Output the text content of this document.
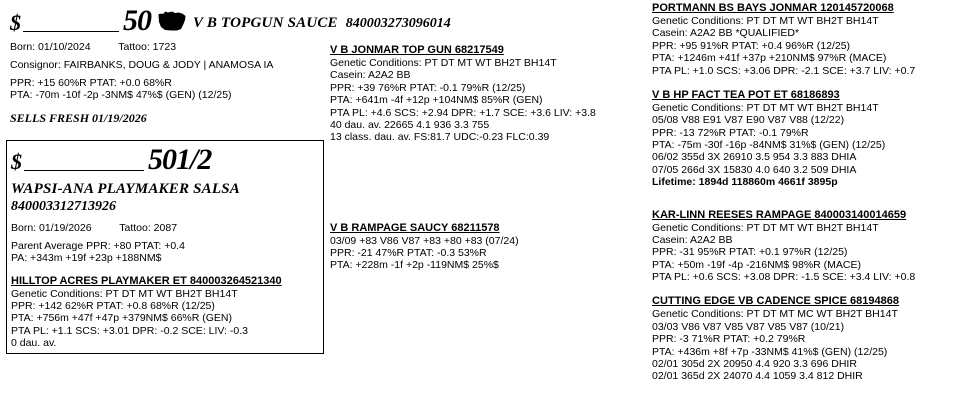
$	50	V B TOPGUN SAUCE 840003273096014
Born: 01/10/2024	Tattoo: 1723
Consignor: FAIRBANKS, DOUG & JODY | ANAMOSA IA
PPR: +15 60%R PTAT: +0.0 68%R
PTA: -70m -10f -2p -3NM$ 47%$ (GEN) (12/25)
SELLS FRESH 01/19/2026
$	50 1/2
WAPSI-ANA PLAYMAKER SALSA
840003312713926
Born: 01/19/2026	Tattoo: 2087
Parent Average PPR: +80 PTAT: +0.4
PA: +343m +19f +23p +188NM$
HILLTOP ACRES PLAYMAKER ET 840003264521340
Genetic Conditions: PT DT MT WT BH2T BH14T
PPR: +142 62%R PTAT: +0.8 68%R (12/25)
PTA: +756m +47f +47p +379NM$ 66%R (GEN)
PTA PL: +1.1 SCS: +3.01 DPR: -0.2 SCE: LIV: -0.3
0 dau. av.
V B JONMAR TOP GUN 68217549
Genetic Conditions: PT DT MT WT BH2T BH14T
Casein: A2A2 BB
PPR: +39 76%R PTAT: -0.1 79%R (12/25)
PTA: +641m -4f +12p +104NM$ 85%R (GEN)
PTA PL: +4.6 SCS: +2.94 DPR: +1.7 SCE: +3.6 LIV: +3.8
40 dau. av. 22665 4.1 936 3.3 755
13 class. dau. av. FS:81.7 UDC:-0.23 FLC:0.39
V B RAMPAGE SAUCY 68211578
03/09 +83 V86 V87 +83 +80 +83 (07/24)
PPR: -21 47%R PTAT: -0.3 53%R
PTA: +228m -1f +2p -119NM$ 25%$
PORTMANN BS BAYS JONMAR 120145720068
Genetic Conditions: PT DT MT WT BH2T BH14T
Casein: A2A2 BB *QUALIFIED*
PPR: +95 91%R PTAT: +0.4 96%R (12/25)
PTA: +1246m +41f +37p +210NM$ 97%R (MACE)
PTA PL: +1.0 SCS: +3.06 DPR: -2.1 SCE: +3.7 LIV: +0.7
V B HP FACT TEA POT ET 68186893
Genetic Conditions: PT DT MT WT BH2T BH14T
05/08 V88 E91 V87 E90 V87 V88 (12/22)
PPR: -13 72%R PTAT: -0.1 79%R
PTA: -75m -30f -16p -84NM$ 31%$ (GEN) (12/25)
06/02 355d 3X 26910 3.5 954 3.3 883 DHIA
07/05 266d 3X 15830 4.0 640 3.2 509 DHIA
Lifetime: 1894d 118860m 4661f 3895p
KAR-LINN REESES RAMPAGE 840003140014659
Genetic Conditions: PT DT MT WT BH2T BH14T
Casein: A2A2 BB
PPR: -31 95%R PTAT: +0.1 97%R (12/25)
PTA: +50m -19f -4p -216NM$ 98%R (MACE)
PTA PL: +0.6 SCS: +3.08 DPR: -1.5 SCE: +3.4 LIV: +0.8
CUTTING EDGE VB CADENCE SPICE 68194868
Genetic Conditions: PT DT MT MC WT BH2T BH14T
03/03 V86 V87 V85 V87 V85 V87 (10/21)
PPR: -3 71%R PTAT: +0.2 79%R
PTA: +436m +8f +7p -33NM$ 41%$ (GEN) (12/25)
02/01 305d 2X 20950 4.4 920 3.3 696 DHIR
02/01 365d 2X 24070 4.4 1059 3.4 812 DHIR
